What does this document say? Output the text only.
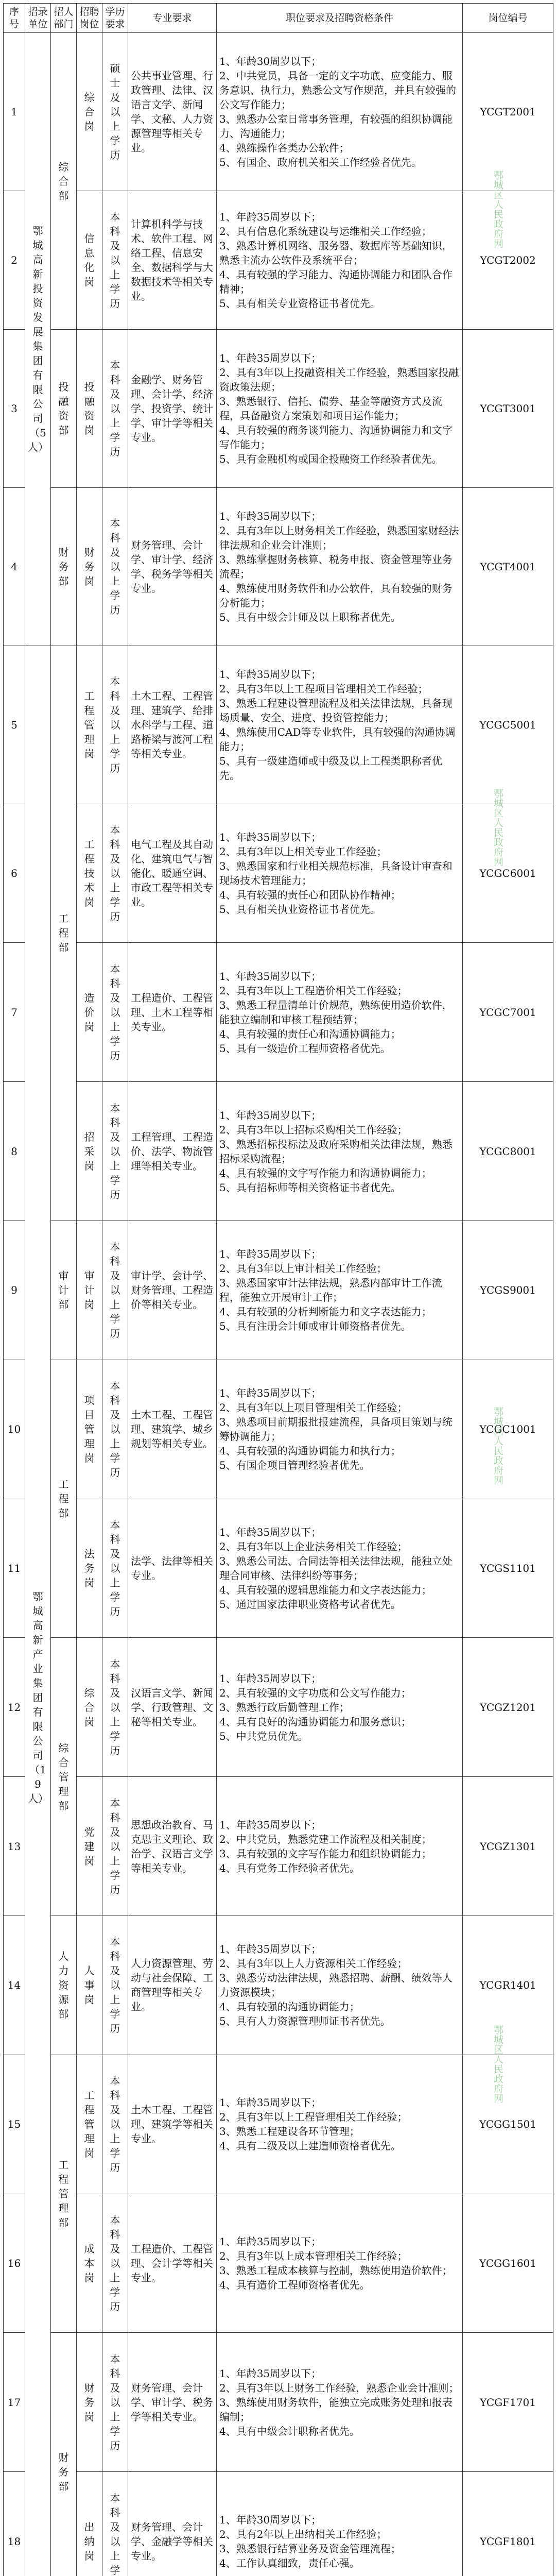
序号	招录单位	招人部门	招聘岗位	学历要求	专业要求	职位要求及招聘资格条件	岗位编号
1	鄂城高新投资发展集团有限公司（5人）	综合部	综合岗	硕士及以上学历	公共事业管理、行政管理、法律、汉语言文学、新闻学、文秘、人力资源管理等相关专业。	1、年龄30周岁以下；

2、中共党员，具备一定的文字功底、应变能力、服务意识、执行力，熟悉公文写作规范，并具有较强的公文写作能力；

3、熟悉办公室日常事务管理，有较强的组织协调能力、沟通能力；

4、熟练操作各类办公软件；

5、有国企、政府机关相关工作经验者优先。	YCGT2001
2			信息化岗	本科及以上学历	计算机科学与技术、软件工程、网络工程、信息安全、数据科学与大数据技术等相关专业。	1、年龄35周岁以下；

2、具有信息化系统建设与运维相关工作经验；

3、熟悉计算机网络、服务器、数据库等基础知识，熟悉主流办公软件及系统平台；

4、具有较强的学习能力、沟通协调能力和团队合作精神；

5、具有相关专业资格证书者优先。	YCGT2002
3		投融资部	投融资岗	本科及以上学历	金融学、财务管理、会计学、经济学、投资学、统计学、审计学等相关专业。	1、年龄35周岁以下；

2、具有3年以上投融资相关工作经验，熟悉国家投融资政策法规；

3、熟悉银行、信托、债券、基金等融资方式及流程，具备融资方案策划和项目运作能力；

4、具有较强的商务谈判能力、沟通协调能力和文字写作能力；

5、具有金融机构或国企投融资工作经验者优先。	YCGT3001
4		财务部	财务岗	本科及以上学历	财务管理、会计学、审计学、经济学、税务学等相关专业。	1、年龄35周岁以下；

2、具有3年以上财务相关工作经验，熟悉国家财经法律法规和企业会计准则；

3、熟练掌握财务核算、税务申报、资金管理等业务流程；

4、熟练使用财务软件和办公软件，具有较强的财务分析能力；

5、具有中级会计师及以上职称者优先。	YCGT4001
5	鄂城高新产业集团有限公司（19人）	工程部	工程管理岗	本科及以上学历	土木工程、工程管理、建筑学、给排水科学与工程、道路桥梁与渡河工程等相关专业。	1、年龄35周岁以下；

2、具有3年以上工程项目管理相关工作经验；

3、熟悉工程建设管理流程及相关法律法规，具备现场质量、安全、进度、投资管控能力；

4、熟练使用CAD等专业软件，具有较强的沟通协调能力；

5、具有一级建造师或中级及以上工程类职称者优先。	YCGC5001
6			工程技术岗	本科及以上学历	电气工程及其自动化、建筑电气与智能化、暖通空调、市政工程等相关专业。	1、年龄35周岁以下；

2、具有3年以上相关专业工作经验；

3、熟悉国家和行业相关规范标准，具备设计审查和现场技术管理能力；

4、具有较强的责任心和团队协作精神；

5、具有相关执业资格证书者优先。	YCGC6001
7			造价岗	本科及以上学历	工程造价、工程管理、土木工程等相关专业。	1、年龄35周岁以下；

2、具有3年以上工程造价相关工作经验；

3、熟悉工程量清单计价规范，熟练使用造价软件，能独立编制和审核工程预结算；

4、具有较强的责任心和沟通协调能力；

5、具有一级造价工程师资格者优先。	YCGC7001
8			招采岗	本科及以上学历	工程管理、工程造价、法学、物流管理等相关专业。	1、年龄35周岁以下；

2、具有3年以上招标采购相关工作经验；

3、熟悉招标投标法及政府采购相关法律法规，熟悉招标采购流程；

4、具有较强的文字写作能力和沟通协调能力；

5、具有招标师等相关资格证书者优先。	YCGC8001
9		审计部	审计岗	本科及以上学历	审计学、会计学、财务管理、工程造价等相关专业。	1、年龄35周岁以下；

2、具有3年以上审计相关工作经验；

3、熟悉国家审计法律法规，熟悉内部审计工作流程，能独立开展审计工作；

4、具有较强的分析判断能力和文字表达能力；

5、具有注册会计师或审计师资格者优先。	YCGS9001
10		工程部	项目管理岗	本科及以上学历	土木工程、工程管理、建筑学、城乡规划等相关专业。	1、年龄35周岁以下；

2、具有3年以上项目管理相关工作经验；

3、熟悉项目前期报批报建流程，具备项目策划与统筹协调能力；

4、具有较强的沟通协调能力和执行力；

5、有国企项目管理经验者优先。	YCGC1001
11			法务岗	本科及以上学历	法学、法律等相关专业。	1、年龄35周岁以下；

2、具有3年以上企业法务相关工作经验；

3、熟悉公司法、合同法等相关法律法规，能独立处理合同审核、法律纠纷等事务；

4、具有较强的逻辑思维能力和文字表达能力；

5、通过国家法律职业资格考试者优先。	YCGS1101
12		综合管理部	综合岗	本科及以上学历	汉语言文学、新闻学、行政管理、文秘等相关专业。	1、年龄35周岁以下；

2、具有较强的文字功底和公文写作能力；

3、熟悉行政后勤管理工作；

4、具有良好的沟通协调能力和服务意识；

5、中共党员优先。	YCGZ1201
13			党建岗	本科及以上学历	思想政治教育、马克思主义理论、政治学、汉语言文学等相关专业。	1、年龄35周岁以下；

2、中共党员，熟悉党建工作流程及相关制度；

3、具有较强的文字写作能力和组织协调能力；

4、具有党务工作经验者优先。	YCGZ1301
14		人力资源部	人事岗	本科及以上学历	人力资源管理、劳动与社会保障、工商管理等相关专业。	1、年龄35周岁以下；

2、具有3年以上人力资源相关工作经验；

3、熟悉劳动法律法规，熟悉招聘、薪酬、绩效等人力资源模块；

4、具有较强的沟通协调能力；

5、具有人力资源管理师证书者优先。	YCGR1401
15		工程管理部	工程管理岗	本科及以上学历	土木工程、工程管理、建筑学等相关专业。	1、年龄35周岁以下；

2、具有3年以上工程管理相关工作经验；

3、熟悉工程建设各环节管理；

4、具有二级及以上建造师资格者优先。	YCGG1501
16			成本岗	本科及以上学历	工程造价、工程管理、会计学等相关专业。	1、年龄35周岁以下；

2、具有3年以上成本管理相关工作经验；

3、熟悉工程成本核算与控制，熟练使用造价软件；

4、具有造价工程师资格者优先。	YCGG1601
17		财务部	财务岗	本科及以上学历	财务管理、会计学、审计学、税务学等相关专业。	1、年龄35周岁以下；

2、具有3年以上财务工作经验，熟悉企业会计准则；

3、熟练使用财务软件，能独立完成账务处理和报表编制；

4、具有中级会计职称者优先。	YCGF1701
18			出纳岗	本科及以上学	财务管理、会计学、金融学等相关专业。	1、年龄30周岁以下；

2、具有2年以上出纳相关工作经验；

3、熟悉银行结算业务及资金管理流程；

4、工作认真细致，责任心强。	YCGF1801

鄂城区人民政府网
鄂城区人民政府网
鄂城区人民政府网
鄂城区人民政府网
